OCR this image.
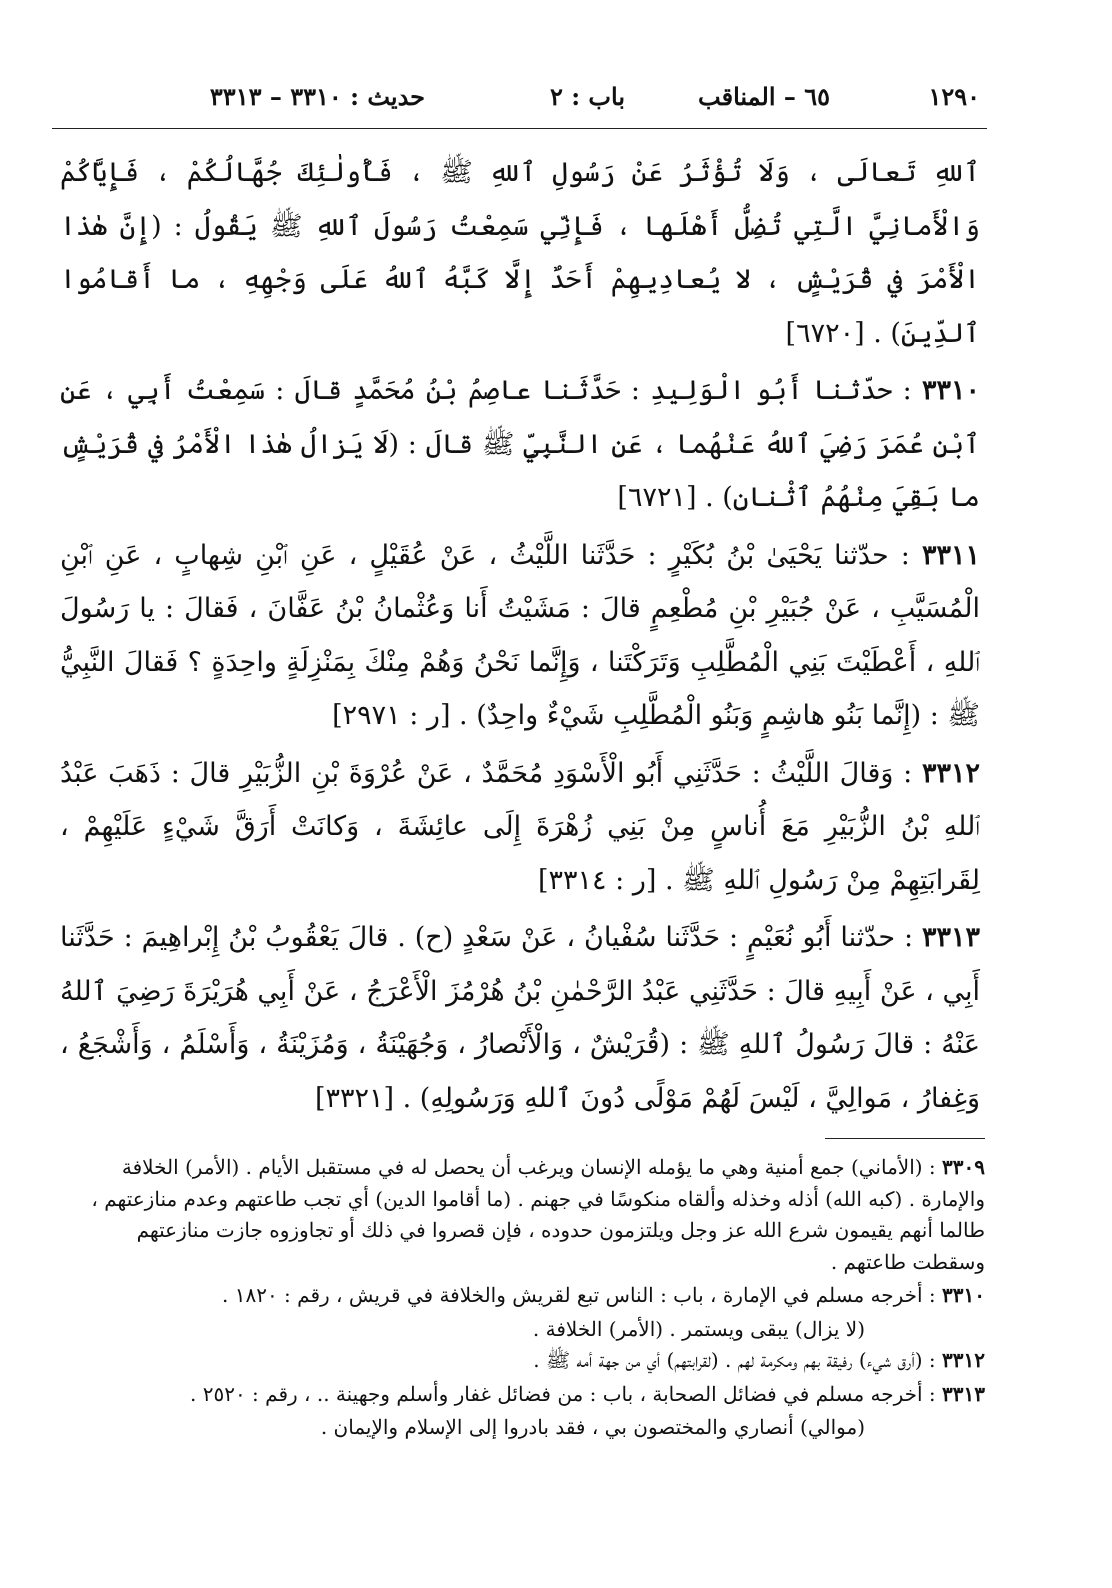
١٢٩٠
٦٥ – المناقب
باب : ٢
حديث : ٣٣١٠ – ٣٣١٣

ٱللهِ تَعالَى ، وَلَا تُؤْثَرُ عَنْ رَسُولِ ٱللهِ ﷺ ، فَأُولٰئِكَ جُهَّالُكُمْ ، فَإِيَّاكُمْ وَالْأَمانِيَّ الَّتِي تُضِلُّ أَهْلَها ، فَإِنِّي سَمِعْتُ رَسُولَ ٱللهِ ﷺ يَقُولُ : (إِنَّ هٰذا الْأَمْرَ في قُرَيْشٍ ، لا يُعادِيهِمْ أَحَدٌ إِلَّا كَبَّهُ ٱللهُ عَلَى وَجْهِهِ ، ما أَقامُوا ٱلدِّينَ) . [٦٧٢٠]

٣٣١٠ : حدّثنا أَبُو الْوَلِيدِ : حَدَّثَنا عاصِمُ بْنُ مُحَمَّدٍ قالَ : سَمِعْتُ أَبِي ، عَنِ ٱبْنِ عُمَرَ رَضِيَ ٱللهُ عَنْهُما ، عَنِ النَّبِيِّ ﷺ قالَ : (لَا يَزالُ هٰذا الْأَمْرُ في قُرَيْشٍ ما بَقِيَ مِنْهُمُ ٱثْنانِ) . [٦٧٢١]

٣٣١١ : حدّثنا يَحْيَىٰ بْنُ بُكَيْرٍ : حَدَّثَنا اللَّيْثُ ، عَنْ عُقَيْلٍ ، عَنِ ٱبْنِ شِهابٍ ، عَنِ ٱبْنِ الْمُسَيَّبِ ، عَنْ جُبَيْرِ بْنِ مُطْعِمٍ قالَ : مَشَيْتُ أَنا وَعُثْمانُ بْنُ عَفَّانَ ، فَقالَ : يا رَسُولَ ٱللهِ ، أَعْطَيْتَ بَنِي الْمُطَّلِبِ وَتَرَكْتَنا ، وَإِنَّما نَحْنُ وَهُمْ مِنْكَ بِمَنْزِلَةٍ واحِدَةٍ ؟ فَقالَ النَّبِيُّ ﷺ : (إِنَّما بَنُو هاشِمٍ وَبَنُو الْمُطَّلِبِ شَيْءٌ واحِدٌ) . [ر : ٢٩٧١]

٣٣١٢ : وَقالَ اللَّيْثُ : حَدَّثَنِي أَبُو الْأَسْوَدِ مُحَمَّدٌ ، عَنْ عُرْوَةَ بْنِ الزُّبَيْرِ قالَ : ذَهَبَ عَبْدُ ٱللهِ بْنُ الزُّبَيْرِ مَعَ أُناسٍ مِنْ بَنِي زُهْرَةَ إِلَى عائِشَةَ ، وَكانَتْ أَرَقَّ شَيْءٍ عَلَيْهِمْ ، لِقَرابَتِهِمْ مِنْ رَسُولِ ٱللهِ ﷺ . [ر : ٣٣١٤]

٣٣١٣ : حدّثنا أَبُو نُعَيْمٍ : حَدَّثَنا سُفْيانُ ، عَنْ سَعْدٍ (ح) . قالَ يَعْقُوبُ بْنُ إِبْراهِيمَ : حَدَّثَنا أَبِي ، عَنْ أَبِيهِ قالَ : حَدَّثَنِي عَبْدُ الرَّحْمٰنِ بْنُ هُرْمُزَ الْأَعْرَجُ ، عَنْ أَبِي هُرَيْرَةَ رَضِيَ ٱللهُ عَنْهُ : قالَ رَسُولُ ٱللهِ ﷺ : (قُرَيْشٌ ، وَالْأَنْصارُ ، وَجُهَيْنَةُ ، وَمُزَيْنَةُ ، وَأَسْلَمُ ، وَأَشْجَعُ ، وَغِفارُ ، مَوالِيَّ ، لَيْسَ لَهُمْ مَوْلًى دُونَ ٱللهِ وَرَسُولِهِ) . [٣٣٢١]

٣٣٠٩ : (الأماني) جمع أمنية وهي ما يؤمله الإنسان ويرغب أن يحصل له في مستقبل الأيام . (الأمر) الخلافة والإمارة . (كبه الله) أذله وخذله وألقاه منكوسًا في جهنم . (ما أقاموا الدين) أي تجب طاعتهم وعدم منازعتهم ، طالما أنهم يقيمون شرع الله عز وجل ويلتزمون حدوده ، فإن قصروا في ذلك أو تجاوزوه جازت منازعتهم وسقطت طاعتهم .

٣٣١٠ : أخرجه مسلم في الإمارة ، باب : الناس تبع لقريش والخلافة في قريش ، رقم : ١٨٢٠ .

(لا يزال) يبقى ويستمر . (الأمر) الخلافة .

٣٣١٢ : (أرق شيء) رفيقة بهم ومكرمة لهم . (لقرابتهم) أي من جهة أمه ﷺ .

٣٣١٣ : أخرجه مسلم في فضائل الصحابة ، باب : من فضائل غفار وأسلم وجهينة .. ، رقم : ٢٥٢٠ .

(موالي) أنصاري والمختصون بي ، فقد بادروا إلى الإسلام والإيمان .
